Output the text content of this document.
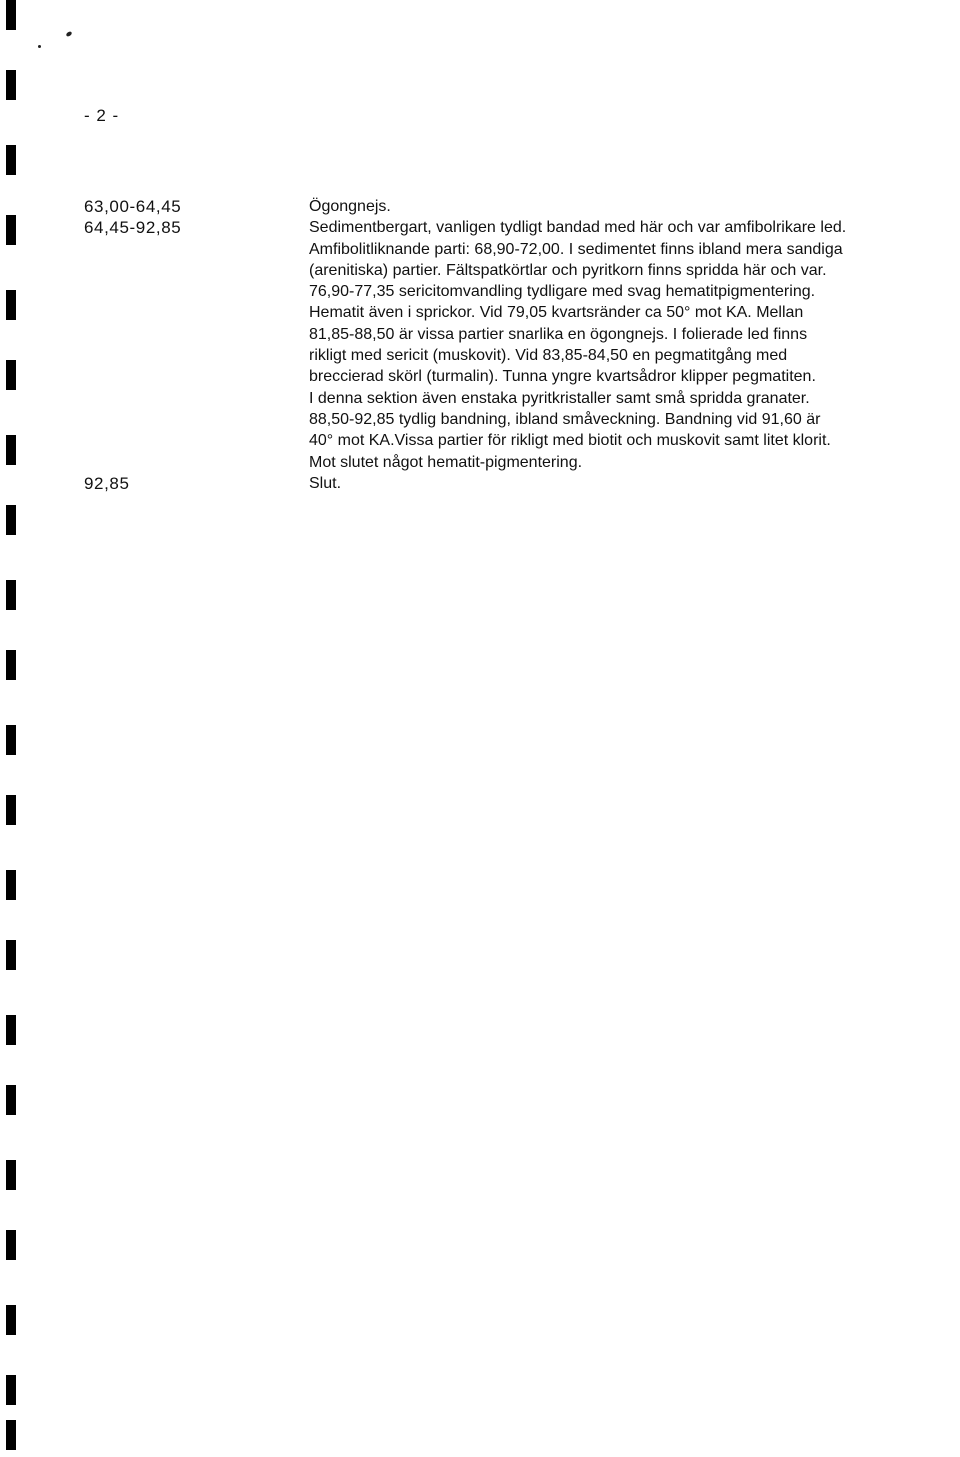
- 2 -
63,00-64,45	Ögongnejs.
64,45-92,85	Sedimentbergart, vanligen tydligt bandad med här och var amfibolrikare led.
Amfibolitliknande parti: 68,90-72,00. I sedimentet finns ibland mera sandiga
(arenitiska) partier. Fältspatkörtlar och pyritkorn finns spridda här och var.
76,90-77,35 sericitomvandling tydligare med svag hematitpigmentering.
Hematit även i sprickor. Vid 79,05 kvartsränder ca 50° mot KA. Mellan
81,85-88,50 är vissa partier snarlika en ögongnejs. I folierade led finns
rikligt med sericit (muskovit). Vid 83,85-84,50 en pegmatitgång med
breccierad skörl (turmalin). Tunna yngre kvartsådror klipper pegmatiten.
I denna sektion även enstaka pyritkristaller samt små spridda granater.
88,50-92,85 tydlig bandning, ibland småveckning. Bandning vid 91,60 är
40° mot KA.Vissa partier för rikligt med biotit och muskovit samt litet klorit.
Mot slutet något hematit-pigmentering.
92,85	Slut.
